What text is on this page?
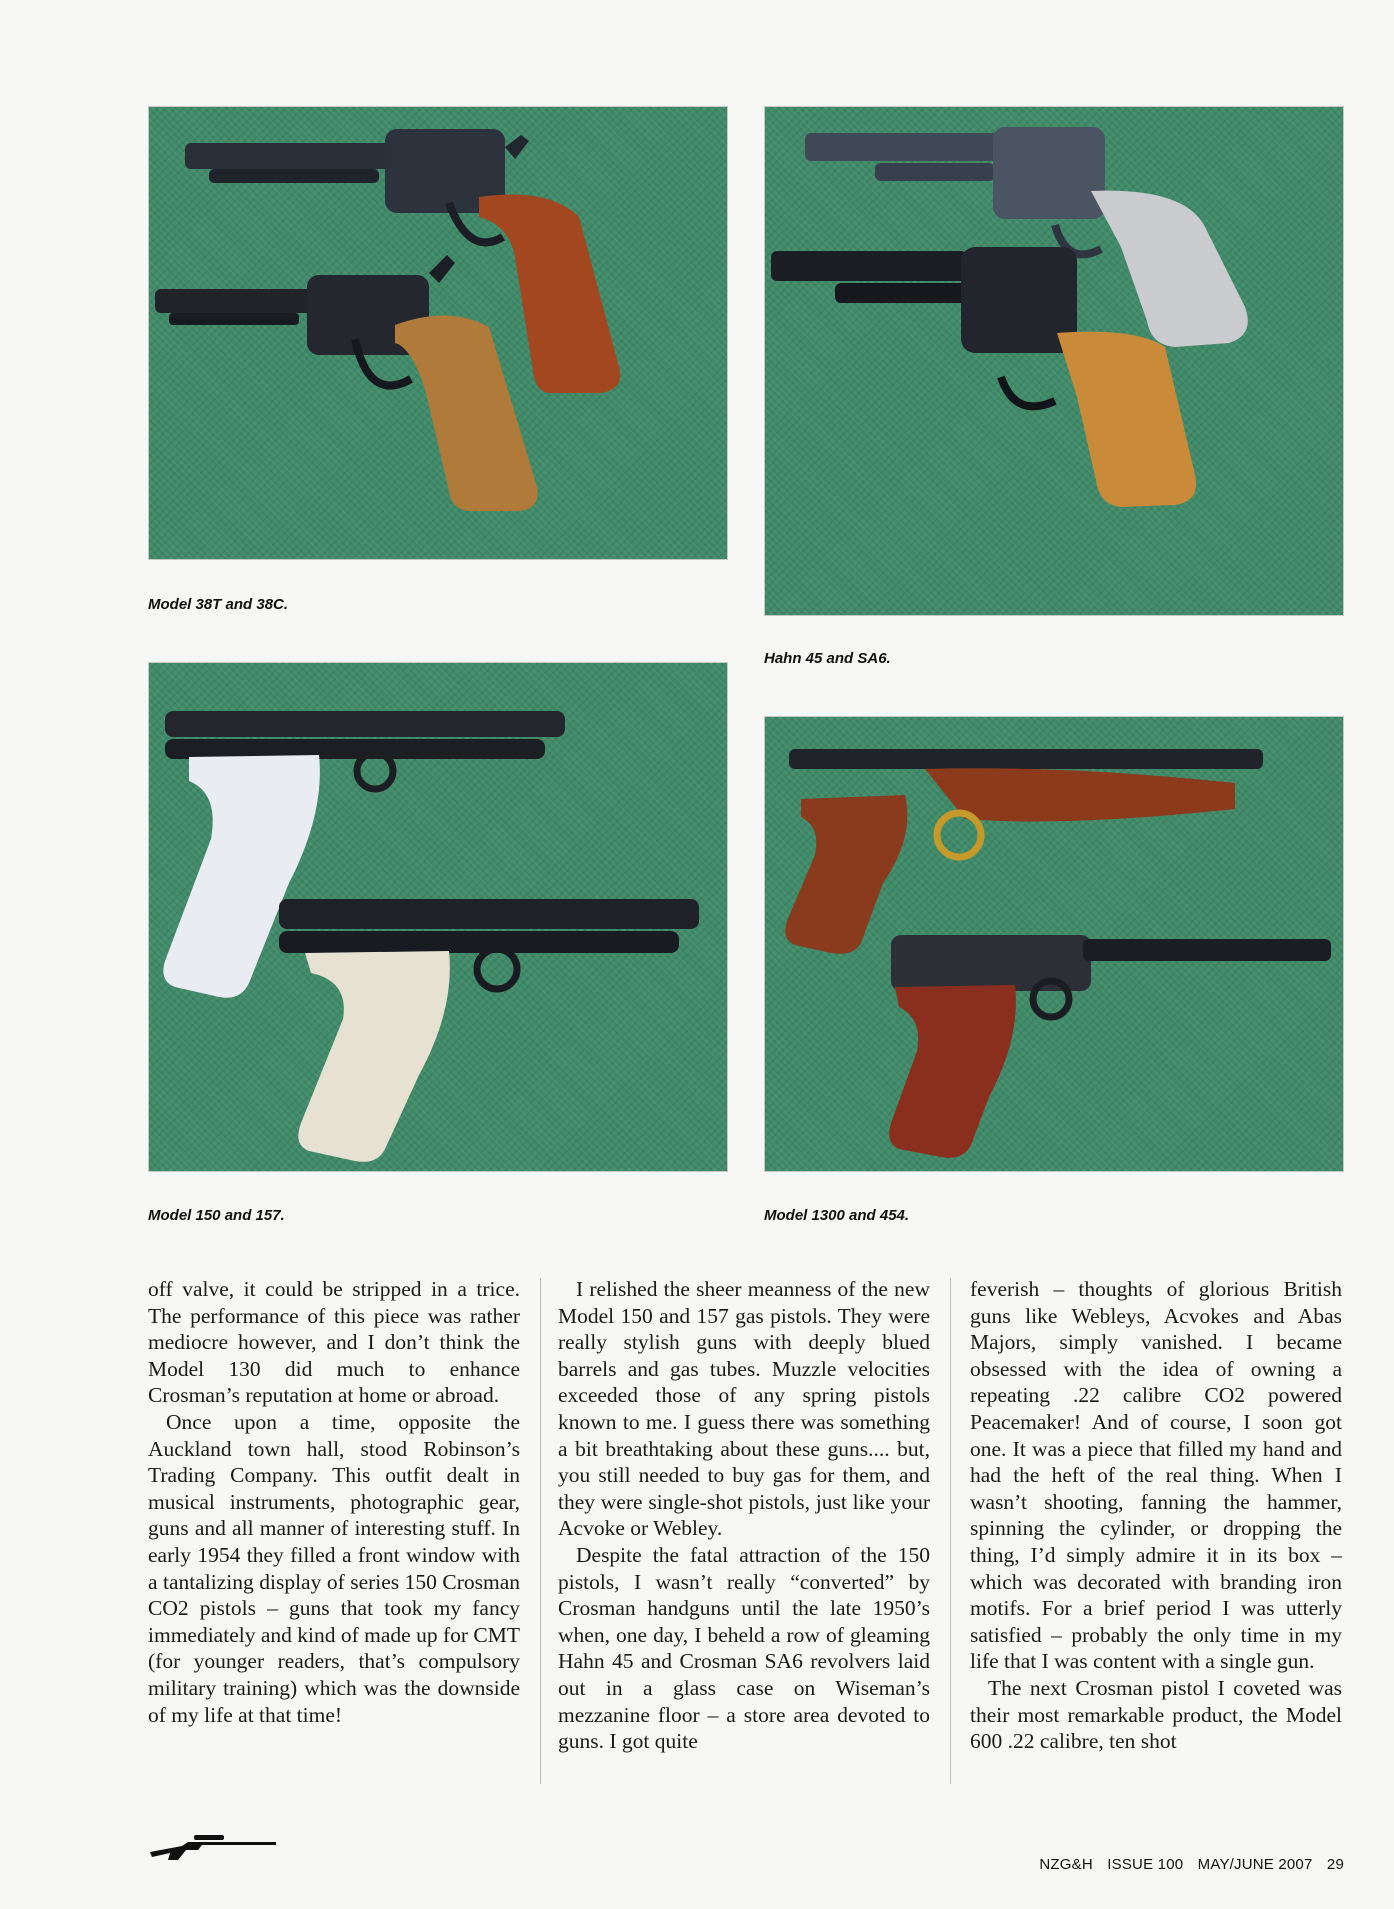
Model 38T and 38C.

Hahn 45 and SA6.

Model 150 and 157.	Model 1300 and 454.

off valve, it could be stripped in a trice. The performance of this piece was rather mediocre however, and I don’t think the Model 130 did much to enhance Crosman’s reputation at home or abroad.

Once upon a time, opposite the Auckland town hall, stood Robinson’s Trading Company. This outfit dealt in musical instruments, photographic gear, guns and all manner of interesting stuff. In early 1954 they filled a front window with a tantalizing display of series 150 Crosman CO2 pistols – guns that took my fancy immediately and kind of made up for CMT (for younger readers, that’s compulsory military training) which was the downside of my life at that time!

I relished the sheer meanness of the new Model 150 and 157 gas pistols. They were really stylish guns with deeply blued barrels and gas tubes. Muzzle velocities exceeded those of any spring pistols known to me. I guess there was something a bit breathtaking about these guns.... but, you still needed to buy gas for them, and they were single-shot pistols, just like your Acvoke or Webley.

Despite the fatal attraction of the 150 pistols, I wasn’t really “converted” by Crosman handguns until the late 1950’s when, one day, I beheld a row of gleaming Hahn 45 and Crosman SA6 revolvers laid out in a glass case on Wiseman’s mezzanine floor – a store area devoted to guns. I got quite

feverish – thoughts of glorious British guns like Webleys, Acvokes and Abas Majors, simply vanished. I became obsessed with the idea of owning a repeating .22 calibre CO2 powered Peacemaker! And of course, I soon got one. It was a piece that filled my hand and had the heft of the real thing. When I wasn’t shooting, fanning the hammer, spinning the cylinder, or dropping the thing, I’d simply admire it in its box – which was decorated with branding iron motifs. For a brief period I was utterly satisfied – probably the only time in my life that I was content with a single gun.

The next Crosman pistol I coveted was their most remarkable product, the Model 600 .22 calibre, ten shot

NZG&H ISSUE 100 MAY/JUNE 2007 29
